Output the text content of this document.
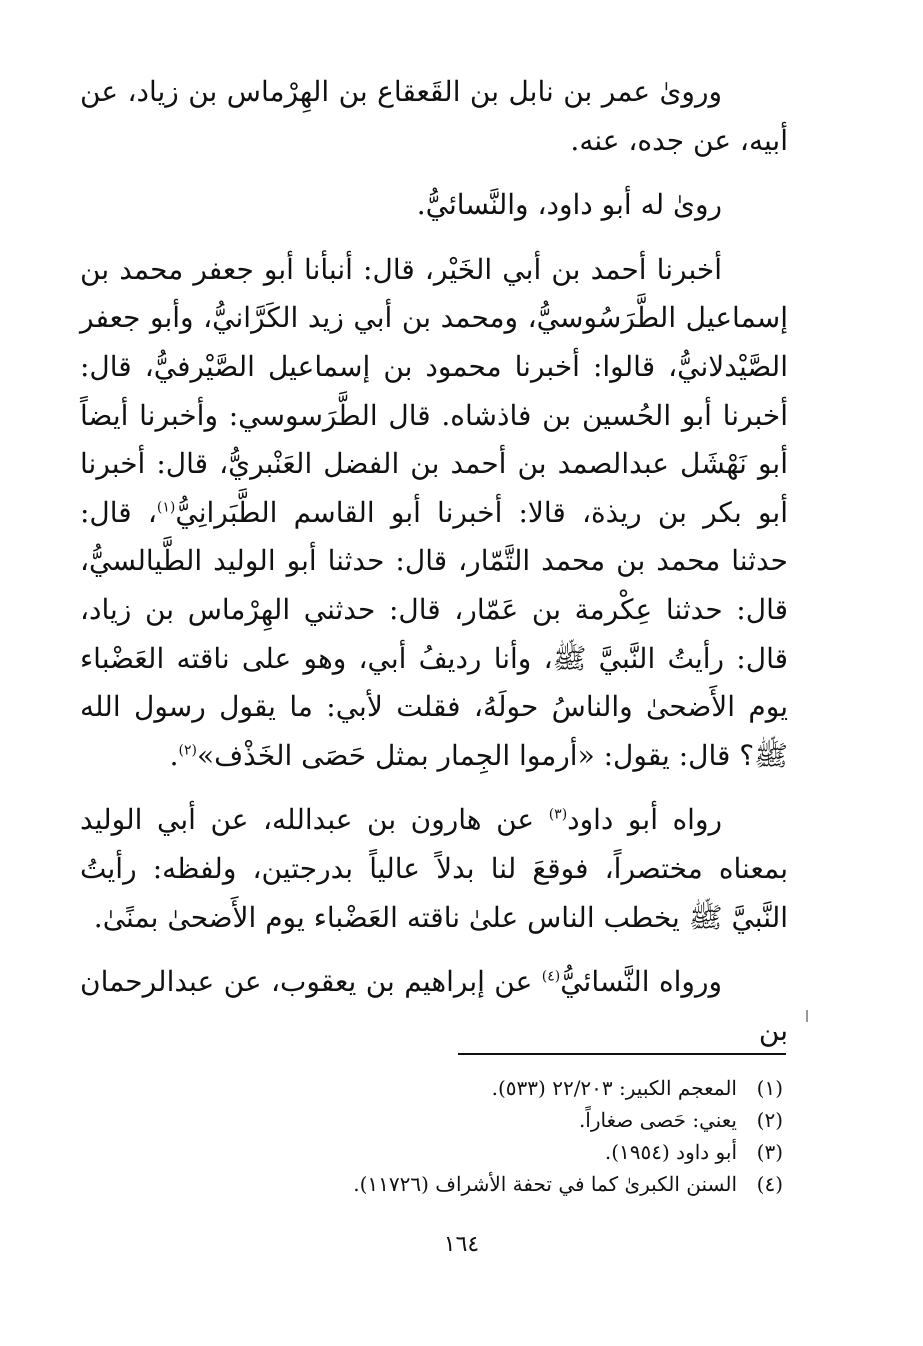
ورویٰ عمر بن نابل بن القَعقاع بن الهِرْماس بن زياد، عن أبيه، عن جده، عنه.

رویٰ له أبو داود، والنَّسائيُّ.

أخبرنا أحمد بن أبي الخَيْر، قال: أنبأنا أبو جعفر محمد بن إسماعيل الطَّرَسُوسيُّ، ومحمد بن أبي زيد الكَرَّانيُّ، وأبو جعفر الصَّيْدلانيُّ، قالوا: أخبرنا محمود بن إسماعيل الصَّيْرفيُّ، قال: أخبرنا أبو الحُسين بن فاذشاه. قال الطَّرَسوسي: وأخبرنا أيضاً أبو نَهْشَل عبدالصمد بن أحمد بن الفضل العَنْبريُّ، قال: أخبرنا أبو بكر بن ريذة، قالا: أخبرنا أبو القاسم الطَّبَرانِيُّ$^{(١)}$، قال: حدثنا محمد بن محمد التَّمّار، قال: حدثنا أبو الوليد الطَّيالسيُّ، قال: حدثنا عِكْرمة بن عَمّار، قال: حدثني الهِرْماس بن زياد، قال: رأيتُ النَّبيَّ ﷺ، وأنا رديفُ أبي، وهو على ناقته العَضْباء يوم الأَضحىٰ والناسُ حولَهُ، فقلت لأبي: ما يقول رسول الله ﷺ؟ قال: يقول: «أرموا الجِمار بمثل حَصَى الخَذْف»$^{(٢)}$.

رواه أبو داود$^{(٣)}$ عن هارون بن عبدالله، عن أبي الوليد بمعناه مختصراً، فوقعَ لنا بدلاً عالياً بدرجتين، ولفظه: رأيتُ النَّبيَّ ﷺ يخطب الناس علىٰ ناقته العَضْباء يوم الأَضحىٰ بمنًىٰ.

ورواه النَّسائيُّ$^{(٤)}$ عن إبراهيم بن يعقوب، عن عبدالرحمان بن

(١)المعجم الكبير: ٢٢/٢٠٣ (٥٣٣).
(٢)يعني: حَصى صغاراً.
(٣)أبو داود (١٩٥٤).
(٤)السنن الكبرىٰ كما في تحفة الأشراف (١١٧٢٦).
١٦٤
